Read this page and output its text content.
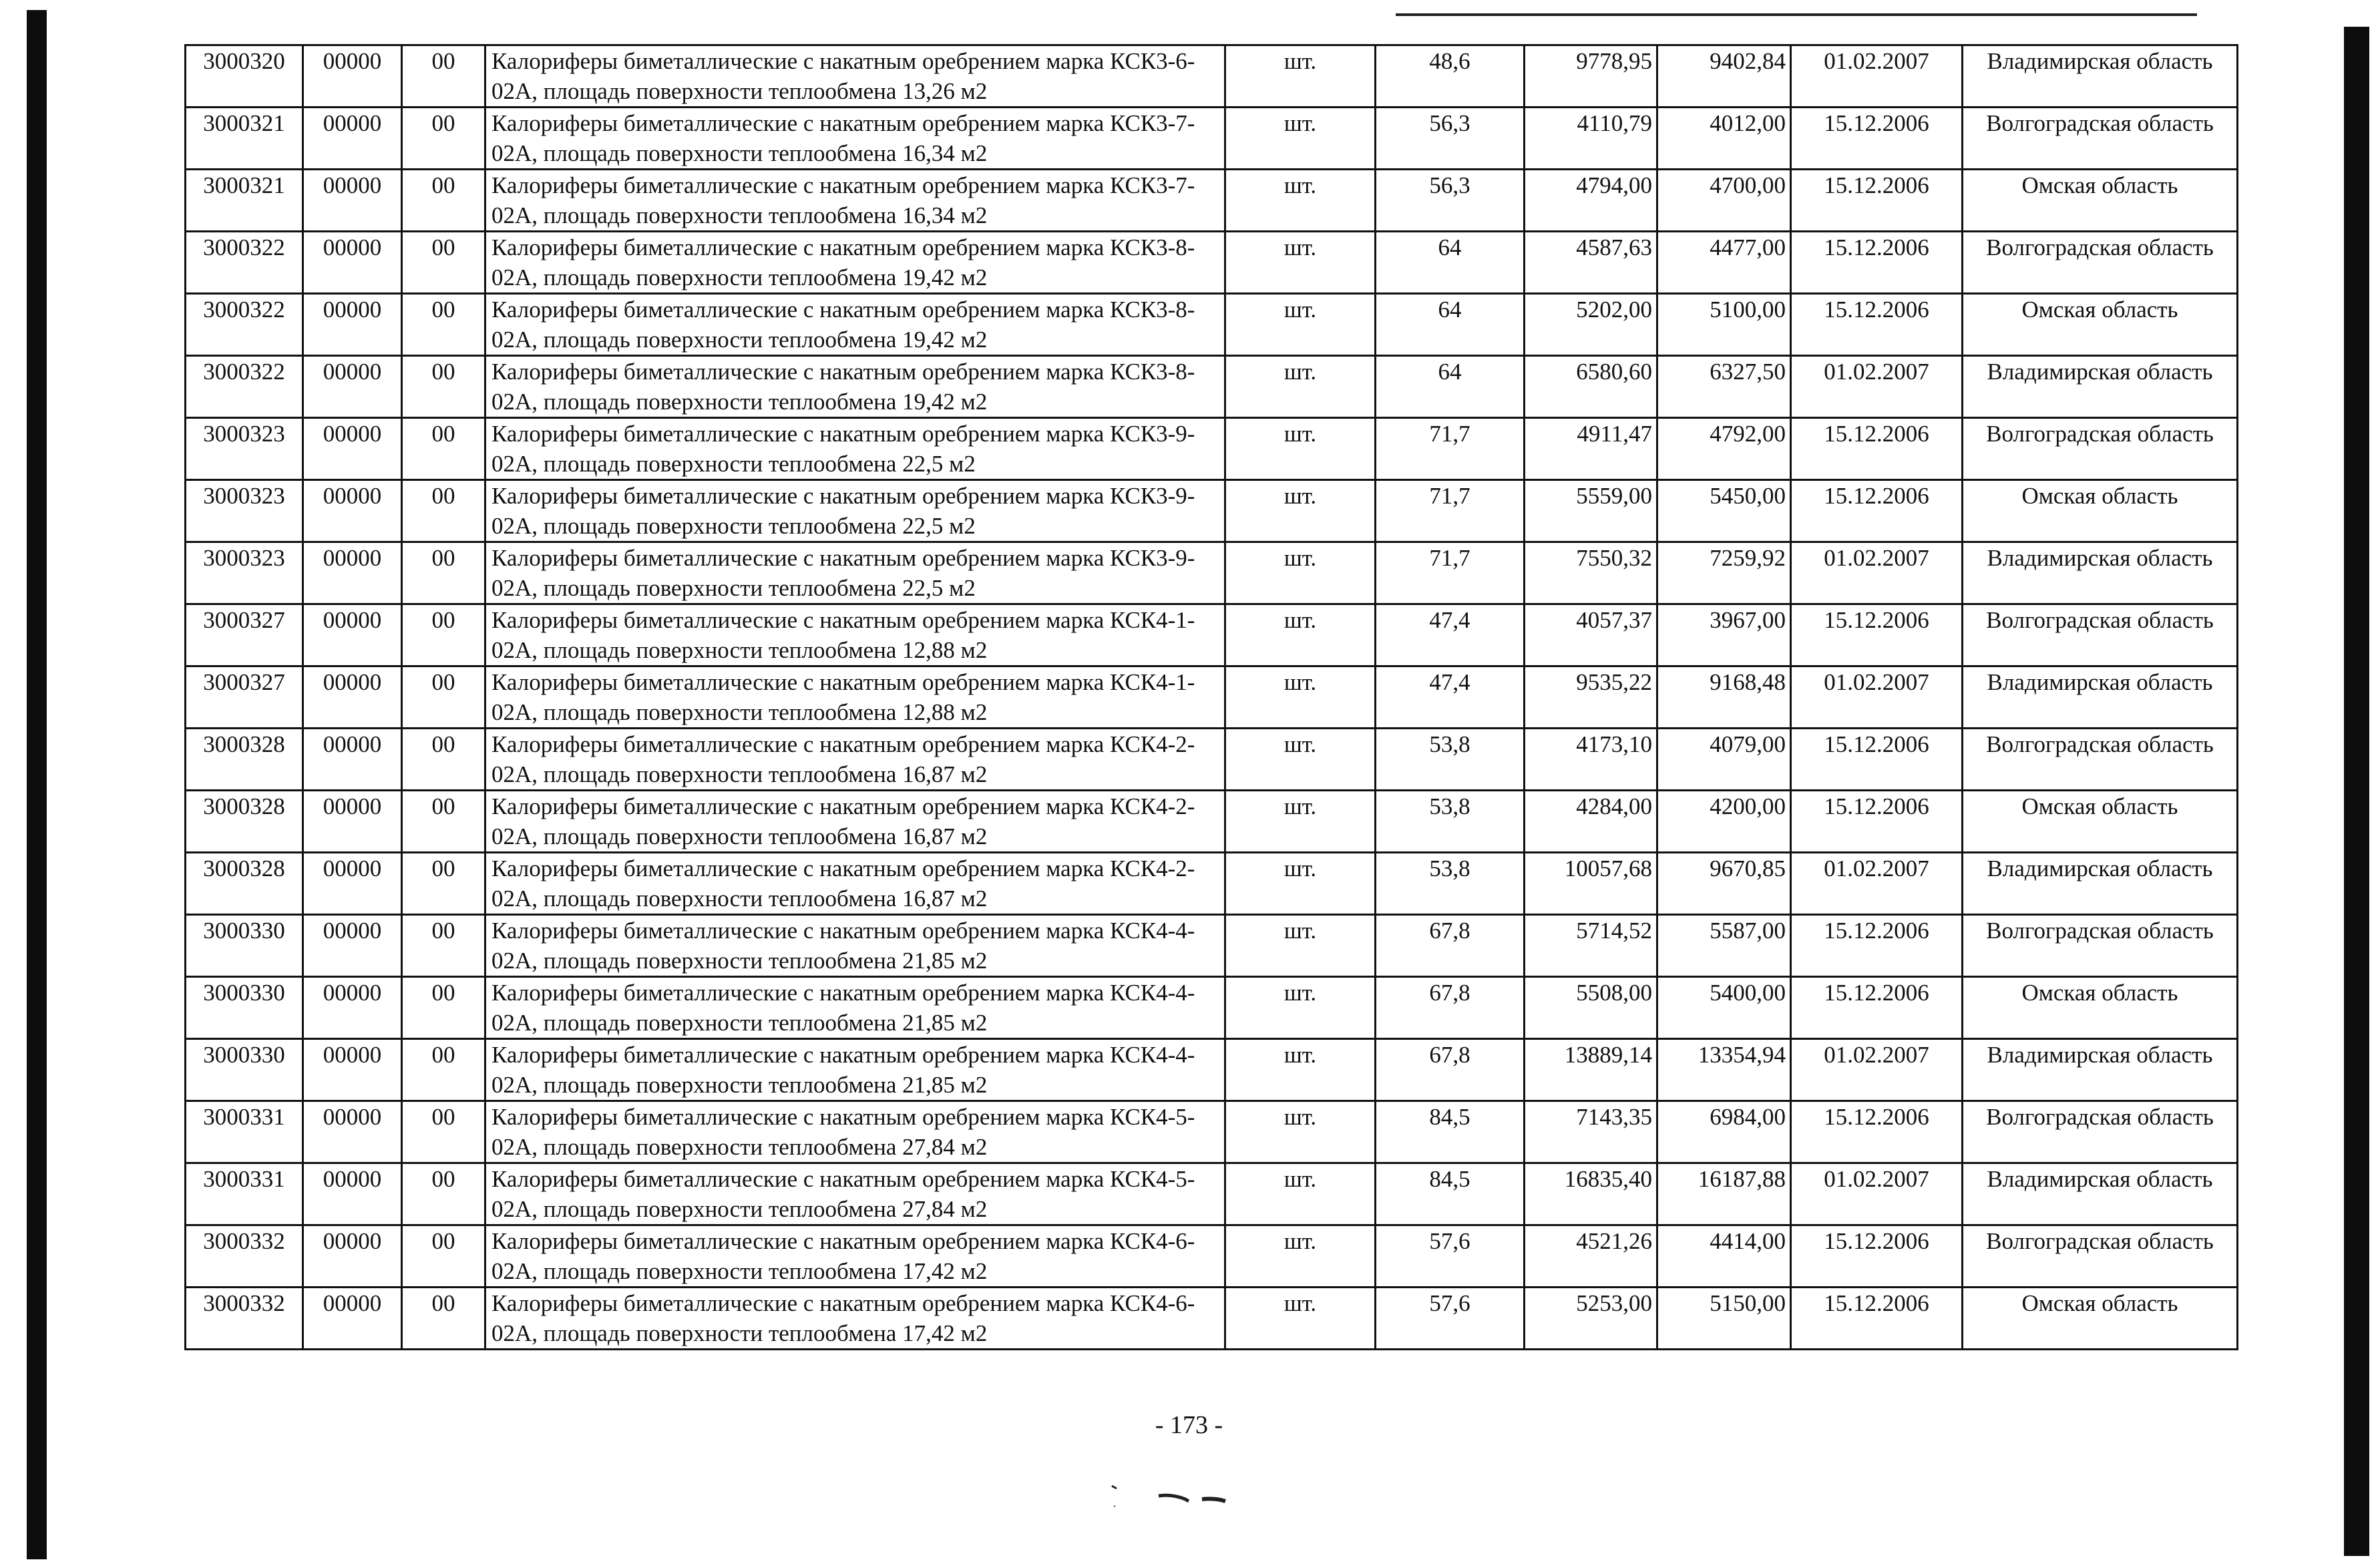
3000320	00000	00	Калориферы биметаллические с накатным оребрением марка КСК3-6-02А, площадь поверхности теплообмена 13,26 м2	шт.	48,6	9778,95	9402,84	01.02.2007	Владимирская область
3000321	00000	00	Калориферы биметаллические с накатным оребрением марка КСК3-7-02А, площадь поверхности теплообмена 16,34 м2	шт.	56,3	4110,79	4012,00	15.12.2006	Волгоградская область
3000321	00000	00	Калориферы биметаллические с накатным оребрением марка КСК3-7-02А, площадь поверхности теплообмена 16,34 м2	шт.	56,3	4794,00	4700,00	15.12.2006	Омская область
3000322	00000	00	Калориферы биметаллические с накатным оребрением марка КСК3-8-02А, площадь поверхности теплообмена 19,42 м2	шт.	64	4587,63	4477,00	15.12.2006	Волгоградская область
3000322	00000	00	Калориферы биметаллические с накатным оребрением марка КСК3-8-02А, площадь поверхности теплообмена 19,42 м2	шт.	64	5202,00	5100,00	15.12.2006	Омская область
3000322	00000	00	Калориферы биметаллические с накатным оребрением марка КСК3-8-02А, площадь поверхности теплообмена 19,42 м2	шт.	64	6580,60	6327,50	01.02.2007	Владимирская область
3000323	00000	00	Калориферы биметаллические с накатным оребрением марка КСК3-9-02А, площадь поверхности теплообмена 22,5 м2	шт.	71,7	4911,47	4792,00	15.12.2006	Волгоградская область
3000323	00000	00	Калориферы биметаллические с накатным оребрением марка КСК3-9-02А, площадь поверхности теплообмена 22,5 м2	шт.	71,7	5559,00	5450,00	15.12.2006	Омская область
3000323	00000	00	Калориферы биметаллические с накатным оребрением марка КСК3-9-02А, площадь поверхности теплообмена 22,5 м2	шт.	71,7	7550,32	7259,92	01.02.2007	Владимирская область
3000327	00000	00	Калориферы биметаллические с накатным оребрением марка КСК4-1-02А, площадь поверхности теплообмена 12,88 м2	шт.	47,4	4057,37	3967,00	15.12.2006	Волгоградская область
3000327	00000	00	Калориферы биметаллические с накатным оребрением марка КСК4-1-02А, площадь поверхности теплообмена 12,88 м2	шт.	47,4	9535,22	9168,48	01.02.2007	Владимирская область
3000328	00000	00	Калориферы биметаллические с накатным оребрением марка КСК4-2-02А, площадь поверхности теплообмена 16,87 м2	шт.	53,8	4173,10	4079,00	15.12.2006	Волгоградская область
3000328	00000	00	Калориферы биметаллические с накатным оребрением марка КСК4-2-02А, площадь поверхности теплообмена 16,87 м2	шт.	53,8	4284,00	4200,00	15.12.2006	Омская область
3000328	00000	00	Калориферы биметаллические с накатным оребрением марка КСК4-2-02А, площадь поверхности теплообмена 16,87 м2	шт.	53,8	10057,68	9670,85	01.02.2007	Владимирская область
3000330	00000	00	Калориферы биметаллические с накатным оребрением марка КСК4-4-02А, площадь поверхности теплообмена 21,85 м2	шт.	67,8	5714,52	5587,00	15.12.2006	Волгоградская область
3000330	00000	00	Калориферы биметаллические с накатным оребрением марка КСК4-4-02А, площадь поверхности теплообмена 21,85 м2	шт.	67,8	5508,00	5400,00	15.12.2006	Омская область
3000330	00000	00	Калориферы биметаллические с накатным оребрением марка КСК4-4-02А, площадь поверхности теплообмена 21,85 м2	шт.	67,8	13889,14	13354,94	01.02.2007	Владимирская область
3000331	00000	00	Калориферы биметаллические с накатным оребрением марка КСК4-5-02А, площадь поверхности теплообмена 27,84 м2	шт.	84,5	7143,35	6984,00	15.12.2006	Волгоградская область
3000331	00000	00	Калориферы биметаллические с накатным оребрением марка КСК4-5-02А, площадь поверхности теплообмена 27,84 м2	шт.	84,5	16835,40	16187,88	01.02.2007	Владимирская область
3000332	00000	00	Калориферы биметаллические с накатным оребрением марка КСК4-6-02А, площадь поверхности теплообмена 17,42 м2	шт.	57,6	4521,26	4414,00	15.12.2006	Волгоградская область
3000332	00000	00	Калориферы биметаллические с накатным оребрением марка КСК4-6-02А, площадь поверхности теплообмена 17,42 м2	шт.	57,6	5253,00	5150,00	15.12.2006	Омская область
- 173 -
